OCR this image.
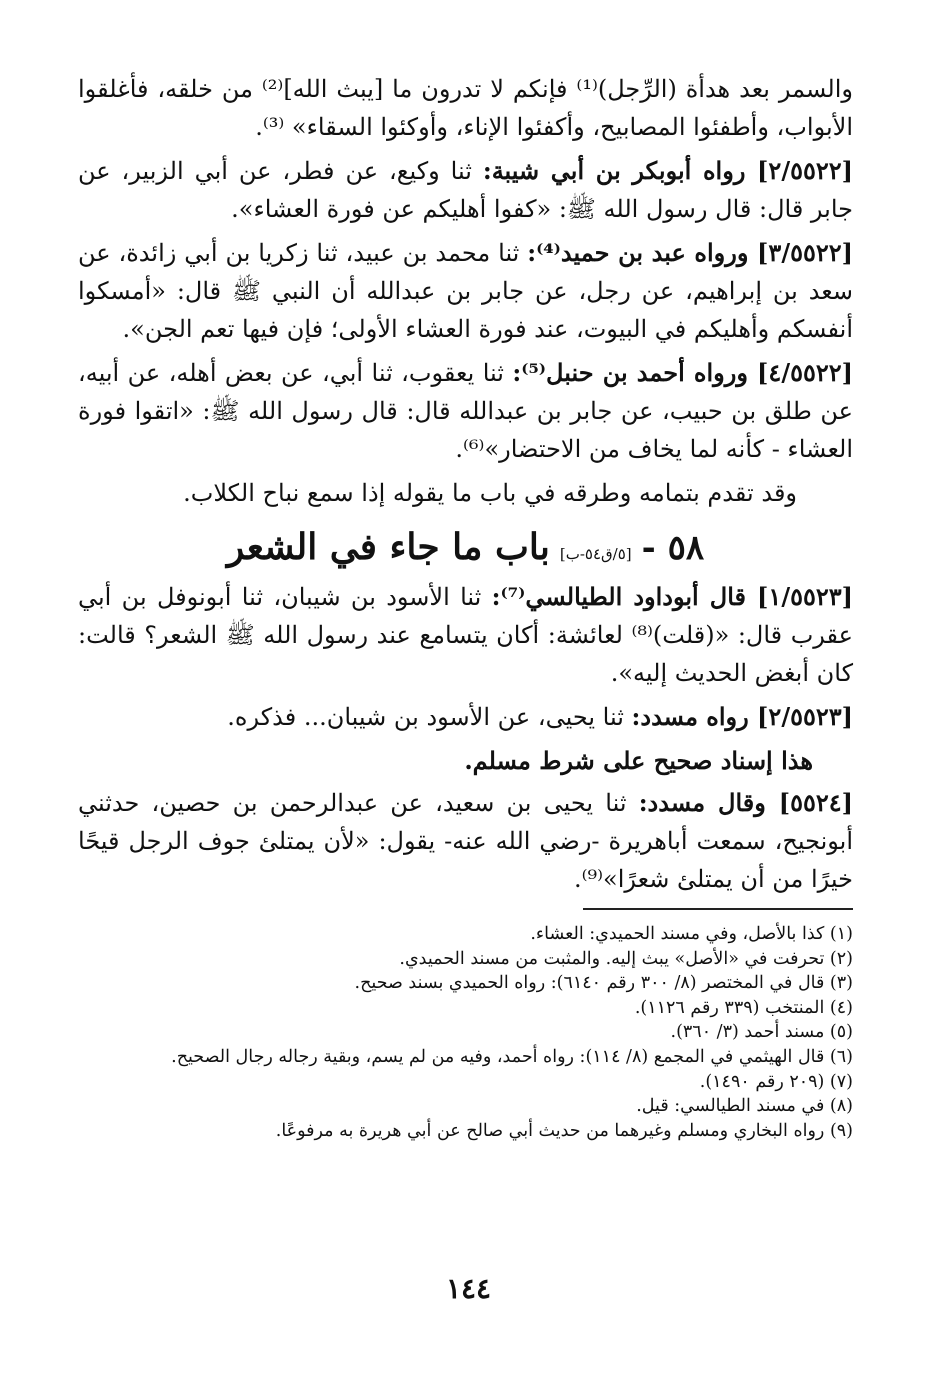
والسمر بعد هدأة (الرِّجل)⁽¹⁾ فإنكم لا تدرون ما [يبث الله]⁽²⁾ من خلقه، فأغلقوا الأبواب، وأطفئوا المصابيح، وأكفئوا الإناء، وأوكئوا السقاء» ⁽³⁾.

[٢/٥٥٢٢] رواه أبوبكر بن أبي شيبة: ثنا وكيع، عن فطر، عن أبي الزبير، عن جابر قال: قال رسول الله ﷺ: «كفوا أهليكم عن فورة العشاء».

[٣/٥٥٢٢] ورواه عبد بن حميد⁽⁴⁾: ثنا محمد بن عبيد، ثنا زكريا بن أبي زائدة، عن سعد بن إبراهيم، عن رجل، عن جابر بن عبدالله أن النبي ﷺ قال: «أمسكوا أنفسكم وأهليكم في البيوت، عند فورة العشاء الأولى؛ فإن فيها تعم الجن».

[٤/٥٥٢٢] ورواه أحمد بن حنبل⁽⁵⁾: ثنا يعقوب، ثنا أبي، عن بعض أهله، عن أبيه، عن طلق بن حبيب، عن جابر بن عبدالله قال: قال رسول الله ﷺ: «اتقوا فورة العشاء - كأنه لما يخاف من الاحتضار»⁽⁶⁾.

وقد تقدم بتمامه وطرقه في باب ما يقوله إذا سمع نباح الكلاب.

٥٨ -
[٥/ق٥٤-ب]
باب ما جاء في الشعر

[١/٥٥٢٣] قال أبوداود الطيالسي⁽⁷⁾: ثنا الأسود بن شيبان، ثنا أبونوفل بن أبي عقرب قال: «(قلت)⁽⁸⁾ لعائشة: أكان يتسامع عند رسول الله ﷺ الشعر؟ قالت: كان أبغض الحديث إليه».

[٢/٥٥٢٣] رواه مسدد: ثنا يحيى، عن الأسود بن شيبان... فذكره.

هذا إسناد صحيح على شرط مسلم.

[٥٥٢٤] وقال مسدد: ثنا يحيى بن سعيد، عن عبدالرحمن بن حصين، حدثني أبونجيح، سمعت أباهريرة -رضي الله عنه- يقول: «لأن يمتلئ جوف الرجل قيحًا خيرًا من أن يمتلئ شعرًا»⁽⁹⁾.

(١) كذا بالأصل، وفي مسند الحميدي: العشاء.

(٢) تحرفت في «الأصل» يبث إليه. والمثبت من مسند الحميدي.

(٣) قال في المختصر (٨/ ٣٠٠ رقم ٦١٤٠): رواه الحميدي بسند صحيح.

(٤) المنتخب (٣٣٩ رقم ١١٢٦).

(٥) مسند أحمد (٣/ ٣٦٠).

(٦) قال الهيثمي في المجمع (٨/ ١١٤): رواه أحمد، وفيه من لم يسم، وبقية رجاله رجال الصحيح.

(٧) (٢٠٩ رقم ١٤٩٠).

(٨) في مسند الطيالسي: قيل.

(٩) رواه البخاري ومسلم وغيرهما من حديث أبي صالح عن أبي هريرة به مرفوعًا.

١٤٤
